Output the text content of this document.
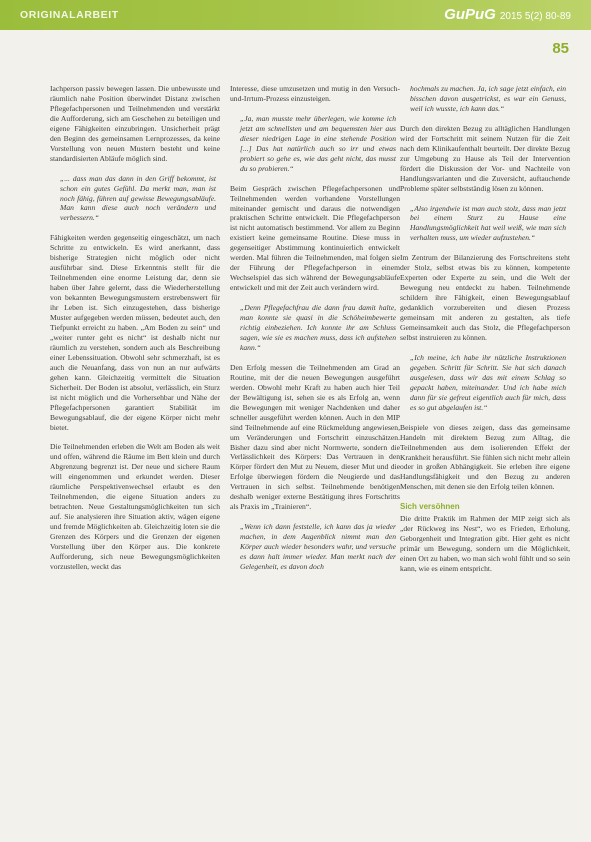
ORIGINALARBEIT	GuPuG 2015 5(2) 80-89
85

Iachperson passiv bewegen lassen. Die unbewusste und räumlich nahe Position überwindet Distanz zwischen Pflegefachpersonen und Teilnehmenden und verstärkt die Aufforderung, sich am Geschehen zu beteiligen und eigene Fähigkeiten einzubringen. Unsicherheit prägt den Beginn des gemeinsamen Lernprozesses, da keine Vorstellung von neuen Mustern besteht und keine standardisierten Abläufe möglich sind.

„... dass man das dann in den Griff bekommt, ist schon ein gutes Gefühl. Da merkt man, man ist noch fähig, führen auf gewisse Bewegungsabläufe. Man kann diese auch noch verändern und verbessern.“

Fähigkeiten werden gegenseitig eingeschätzt, um nach Schritte zu entwickeln. Es wird anerkannt, dass bisherige Strategien nicht möglich oder nicht ausführbar sind. Diese Erkenntnis stellt für die Teilnehmenden eine enorme Leistung dar, denn sie haben über Jahre gelernt, dass die Wiederherstellung von bekannten Bewegungsmustern erstrebenswert für ihr Leben ist. Sich einzugestehen, dass bisherige Muster aufgegeben werden müssen, bedeutet auch, den Tiefpunkt erreicht zu haben. „Am Boden zu sein“ und „weiter runter geht es nicht“ ist deshalb nicht nur räumlich zu verstehen, sondern auch als Beschreibung einer Lebenssituation. Obwohl sehr schmerzhaft, ist es auch die Neuanfang, dass von nun an nur aufwärts gehen kann. Gleichzeitig vermittelt die Situation Sicherheit. Der Boden ist absolut, verlässlich, ein Sturz ist nicht möglich und die Vorhersehbar und Nähe der Pflegefachpersonen garantiert Stabilität im Bewegungsablauf, die der eigene Körper nicht mehr bietet.

Die Teilnehmenden erleben die Welt am Boden als weit und offen, während die Räume im Bett klein und durch Abgrenzung begrenzt ist. Der neue und sichere Raum will eingenommen und erkundet werden. Dieser räumliche Perspektivenwechsel erlaubt es den Teilnehmenden, die eigene Situation anders zu betrachten. Neue Gestaltungsmöglichkeiten tun sich auf. Sie analysieren ihre Situation aktiv, wägen eigene und fremde Möglichkeiten ab. Gleichzeitig loten sie die Grenzen des Körpers und die Grenzen der eigenen Vorstellung über den Körper aus. Die konkrete Aufforderung, sich neue Bewegungsmöglichkeiten vorzustellen, weckt das

Interesse, diese umzusetzen und mutig in den Versuch-und-Irrtum-Prozess einzusteigen.

„Ja, man musste mehr überlegen, wie komme ich jetzt am schnellsten und am bequemsten hier aus dieser niedrigen Lage in eine stehende Position [...] Das hat natürlich auch so irr und etwas probiert so gehe es, wie das geht nicht, das musst du so probieren.“

Beim Gespräch zwischen Pflegefachpersonen und Teilnehmenden werden vorhandene Vorstellungen miteinander gemischt und daraus die notwendigen praktischen Schritte entwickelt. Die Pflegefachperson ist nicht automatisch bestimmend. Vor allem zu Beginn existiert keine gemeinsame Routine. Diese muss in gegenseitiger Abstimmung kontinuierlich entwickelt werden. Mal führen die Teilnehmenden, mal folgen sie der Führung der Pflegefachperson in einem Wechselspiel das sich während der Bewegungsabläufe entwickelt und mit der Zeit auch verändern wird.

„Denn Pflegefachfrau die dann frau damit halte, man konnte sie quasi in die Schöheimbewerte richtig einbeziehen. Ich konnte ihr am Schluss sagen, wie sie es machen muss, dass ich aufstehen kann.“

Den Erfolg messen die Teilnehmenden am Grad an Routine, mit der die neuen Bewegungen ausgeführt werden. Obwohl mehr Kraft zu haben auch hier Teil der Bewältigung ist, sehen sie es als Erfolg an, wenn die Bewegungen mit weniger Nachdenken und daher schneller ausgeführt werden können. Auch in den MIP sind Teilnehmende auf eine Rückmeldung angewiesen, um Veränderungen und Fortschritt einzuschätzen. Bisher dazu sind aber nicht Normwerte, sondern die Verlässlichkeit des Körpers: Das Vertrauen in den Körper fördert den Mut zu Neuem, dieser Mut und die Erfolge überwiegen fördern die Neugierde und das Vertrauen in sich selbst. Teilnehmende benötigen deshalb weniger externe Bestätigung ihres Fortschritts als Praxis im „Trainieren“.

„Wenn ich dann feststelle, ich kann das ja wieder machen, in dem Augenblick nimmt man den Körper auch wieder besonders wahr, und versuche es dann halt immer wieder. Man merkt nach der Gelegenheit, es davon doch

hochmals zu machen. Ja, ich sage jetzt einfach, ein bisschen davon ausgetrickst, es war ein Genuss, weil ich wusste, ich kann das.“

Durch den direkten Bezug zu alltäglichen Handlungen wird der Fortschritt mit seinem Nutzen für die Zeit nach dem Klinikaufenthalt beurteilt. Der direkte Bezug zur Umgebung zu Hause als Teil der Intervention fördert die Diskussion der Vor- und Nachteile von Handlungsvarianten und die Zuversicht, auftauchende Probleme später selbstständig lösen zu können.

„Also irgendwie ist man auch stolz, dass man jetzt bei einem Sturz zu Hause eine Handlungsmöglichkeit hat weil weiß, wie man sich verhalten muss, um wieder aufzustehen.“

Im Zentrum der Bilanzierung des Fortschreitens steht der Stolz, selbst etwas bis zu können, kompetente Experten oder Experte zu sein, und die Welt der Bewegung neu entdeckt zu haben. Teilnehmende schildern ihre Fähigkeit, einen Bewegungsablauf gedanklich vorzubereiten und diesen Prozess gemeinsam mit anderen zu gestalten, als tiefe Gemeinsamkeit auch das Stolz, die Pflegefachperson selbst instruieren zu können.

„Ich meine, ich habe ihr nützliche Instruktionen gegeben. Schritt für Schritt. Sie hat sich danach ausgelesen, dass wir das mit einem Schlag so gepackt haben, miteinander. Und ich habe mich dann für sie gefreut eigentlich auch für mich, dass es so gut abgelaufen ist.“

Beispiele von dieses zeigen, dass das gemeinsame Handeln mit direktem Bezug zum Alltag, die Teilnehmenden aus dem isolierenden Effekt der Krankheit herausführt. Sie fühlen sich nicht mehr allein oder in großen Abhängigkeit. Sie erleben ihre eigene Handlungsfähigkeit und den Bezug zu anderen Menschen, mit denen sie den Erfolg teilen können.

Sich versöhnen

Die dritte Praktik im Rahmen der MIP zeigt sich als „der Rückweg ins Nest“, wo es Frieden, Erholung, Geborgenheit und Integration gibt. Hier geht es nicht primär um Bewegung, sondern um die Möglichkeit, einen Ort zu haben, wo man sich wohl fühlt und so sein kann, wie es einem entspricht.
